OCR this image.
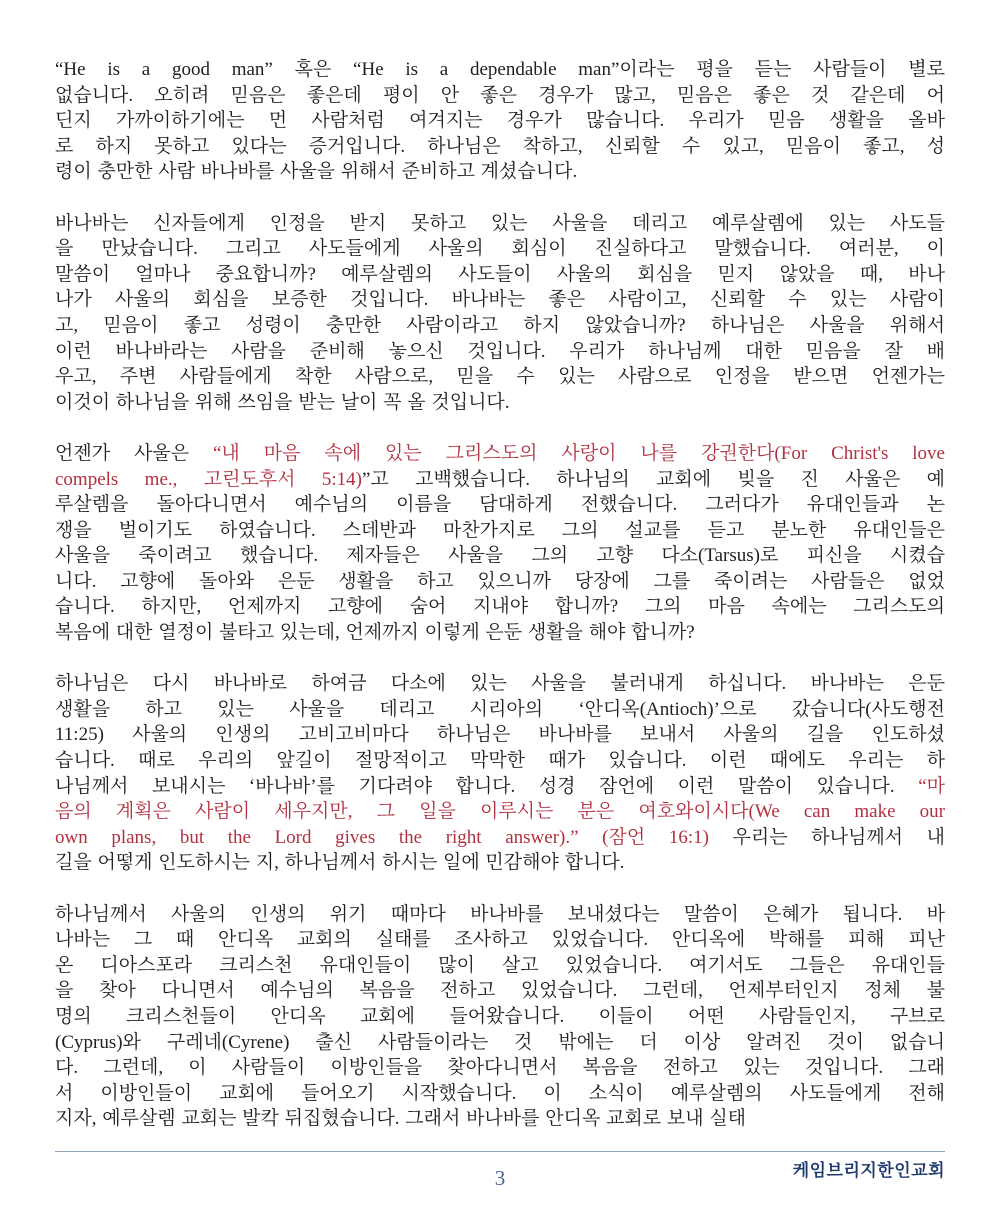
“He is a good man” 혹은 “He is a dependable man”이라는 평을 듣는 사람들이 별로
없습니다. 오히려 믿음은 좋은데 평이 안 좋은 경우가 많고, 믿음은 좋은 것 같은데 어
딘지 가까이하기에는 먼 사람처럼 여겨지는 경우가 많습니다. 우리가 믿음 생활을 올바
로 하지 못하고 있다는 증거입니다. 하나님은 착하고, 신뢰할 수 있고, 믿음이 좋고, 성
령이 충만한 사람 바나바를 사울을 위해서 준비하고 계셨습니다.
바나바는 신자들에게 인정을 받지 못하고 있는 사울을 데리고 예루살렘에 있는 사도들
을 만났습니다. 그리고 사도들에게 사울의 회심이 진실하다고 말했습니다. 여러분, 이
말씀이 얼마나 중요합니까? 예루살렘의 사도들이 사울의 회심을 믿지 않았을 때, 바나
나가 사울의 회심을 보증한 것입니다. 바나바는 좋은 사람이고, 신뢰할 수 있는 사람이
고, 믿음이 좋고 성령이 충만한 사람이라고 하지 않았습니까? 하나님은 사울을 위해서
이런 바나바라는 사람을 준비해 놓으신 것입니다. 우리가 하나님께 대한 믿음을 잘 배
우고, 주변 사람들에게 착한 사람으로, 믿을 수 있는 사람으로 인정을 받으면 언젠가는
이것이 하나님을 위해 쓰임을 받는 날이 꼭 올 것입니다.
언젠가 사울은 “내 마음 속에 있는 그리스도의 사랑이 나를 강권한다(For Christ's love
compels me., 고린도후서 5:14)”고 고백했습니다. 하나님의 교회에 빚을 진 사울은 예
루살렘을 돌아다니면서 예수님의 이름을 담대하게 전했습니다. 그러다가 유대인들과 논
쟁을 벌이기도 하였습니다. 스데반과 마찬가지로 그의 설교를 듣고 분노한 유대인들은
사울을 죽이려고 했습니다. 제자들은 사울을 그의 고향 다소(Tarsus)로 피신을 시켰습
니다. 고향에 돌아와 은둔 생활을 하고 있으니까 당장에 그를 죽이려는 사람들은 없었
습니다. 하지만, 언제까지 고향에 숨어 지내야 합니까? 그의 마음 속에는 그리스도의
복음에 대한 열정이 불타고 있는데, 언제까지 이렇게 은둔 생활을 해야 합니까?
하나님은 다시 바나바로 하여금 다소에 있는 사울을 불러내게 하십니다. 바나바는 은둔
생활을 하고 있는 사울을 데리고 시리아의 ‘안디옥(Antioch)’으로 갔습니다(사도행전
11:25) 사울의 인생의 고비고비마다 하나님은 바나바를 보내서 사울의 길을 인도하셨
습니다. 때로 우리의 앞길이 절망적이고 막막한 때가 있습니다. 이런 때에도 우리는 하
나님께서 보내시는 ‘바나바’를 기다려야 합니다. 성경 잠언에 이런 말씀이 있습니다. “마
음의 계획은 사람이 세우지만, 그 일을 이루시는 분은 여호와이시다(We can make our
own plans, but the Lord gives the right answer).” (잠언 16:1) 우리는 하나님께서 내
길을 어떻게 인도하시는 지, 하나님께서 하시는 일에 민감해야 합니다.
하나님께서 사울의 인생의 위기 때마다 바나바를 보내셨다는 말씀이 은혜가 됩니다. 바
나바는 그 때 안디옥 교회의 실태를 조사하고 있었습니다. 안디옥에 박해를 피해 피난
온 디아스포라 크리스천 유대인들이 많이 살고 있었습니다. 여기서도 그들은 유대인들
을 찾아 다니면서 예수님의 복음을 전하고 있었습니다. 그런데, 언제부터인지 정체 불
명의 크리스천들이 안디옥 교회에 들어왔습니다. 이들이 어떤 사람들인지, 구브로
(Cyprus)와 구레네(Cyrene) 출신 사람들이라는 것 밖에는 더 이상 알려진 것이 없습니
다. 그런데, 이 사람들이 이방인들을 찾아다니면서 복음을 전하고 있는 것입니다. 그래
서 이방인들이 교회에 들어오기 시작했습니다. 이 소식이 예루살렘의 사도들에게 전해
지자, 예루살렘 교회는 발칵 뒤집혔습니다. 그래서 바나바를 안디옥 교회로 보내 실태
케임브리지한인교회
3
